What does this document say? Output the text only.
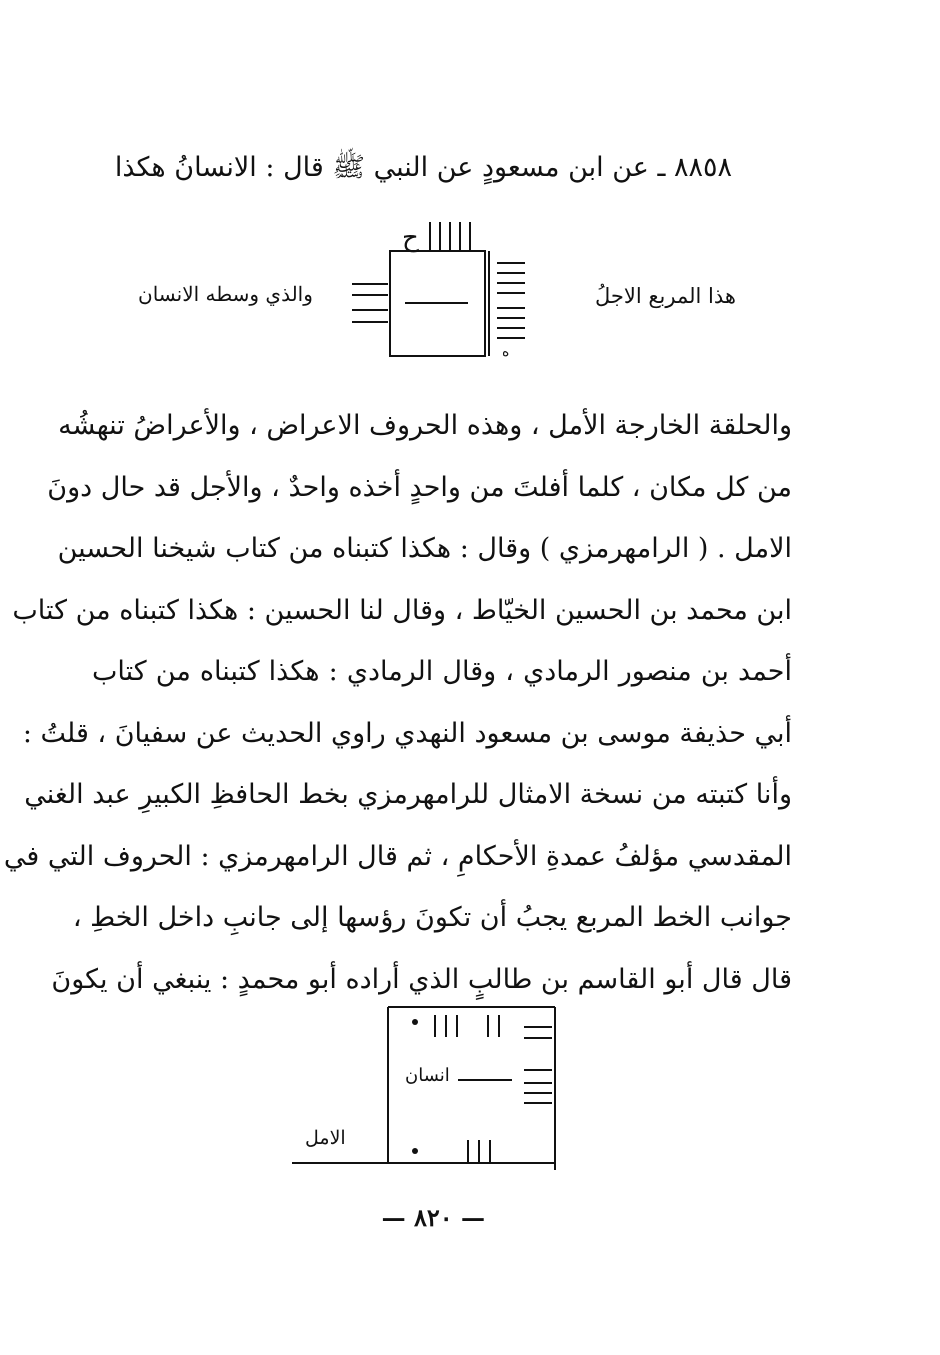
٨٨٥٨ ـ عن ابن مسعودٍ عن النبي ﷺ قال : الانسانُ هكذا
ح
ه
والذي وسطه الانسان	هذا المربع الاجلُ
والحلقة الخارجة الأمل ، وهذه الحروف الاعراض ، والأعراضُ تنهشُه
من كل مكان ، كلما أفلتَ من واحدٍ أخذه واحدٌ ، والأجل قد حال دونَ
الامل . ( الرامهرمزي ) وقال : هكذا كتبناه من كتاب شيخنا الحسين
ابن محمد بن الحسين الخيّاط ، وقال لنا الحسين : هكذا كتبناه من كتاب
أحمد بن منصور الرمادي ، وقال الرمادي : هكذا كتبناه من كتاب
أبي حذيفة موسى بن مسعود النهدي راوي الحديث عن سفيانَ ، قلتُ :
وأنا كتبته من نسخة الامثال للرامهرمزي بخط الحافظِ الكبيرِ عبد الغني
المقدسي مؤلفُ عمدةِ الأحكامِ ، ثم قال الرامهرمزي : الحروف التي في
جوانب الخط المربع يجبُ أن تكونَ رؤسها إلى جانبِ داخل الخطِ ،
قال قال أبو القاسم بن طالبٍ الذي أراده أبو محمدٍ : ينبغي أن يكونَ
انسان
الامل
— ٨٢٠ —
